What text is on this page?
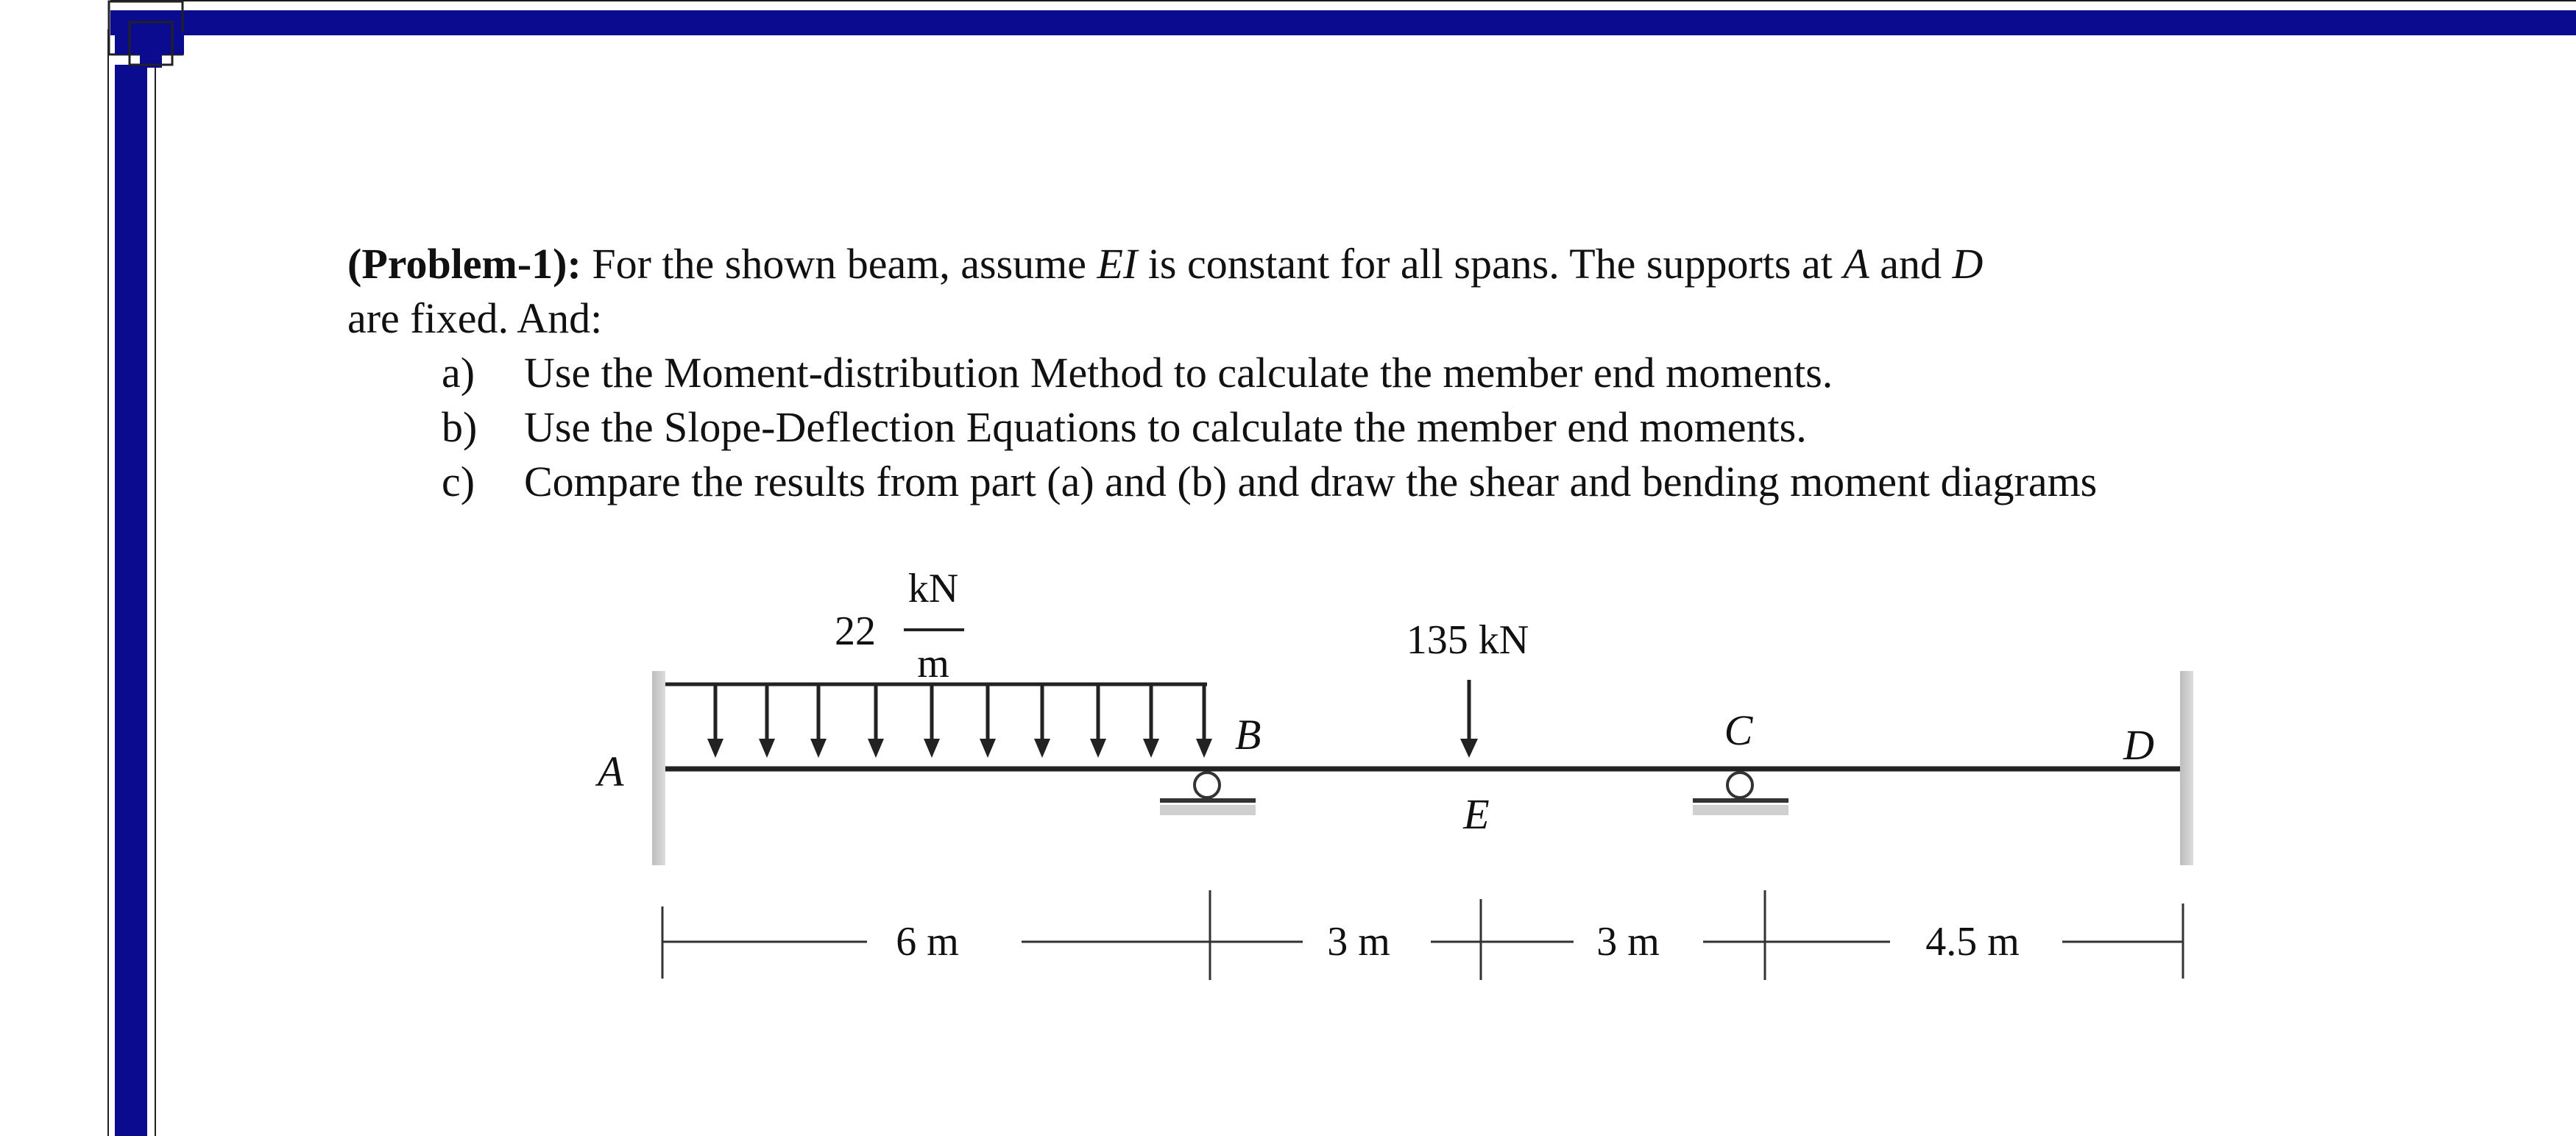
(Problem-1): For the shown beam, assume EI is constant for all spans. The supports at A and D
are fixed. And:

a) Use the Moment-distribution Method to calculate the member end moments.
b) Use the Slope-Deflection Equations to calculate the member end moments.
c) Compare the results from part (a) and (b) and draw the shear and bending moment diagrams
22
kN
m
135 kN
A
B	C	D
E
6 m	3 m	3 m	4.5 m
